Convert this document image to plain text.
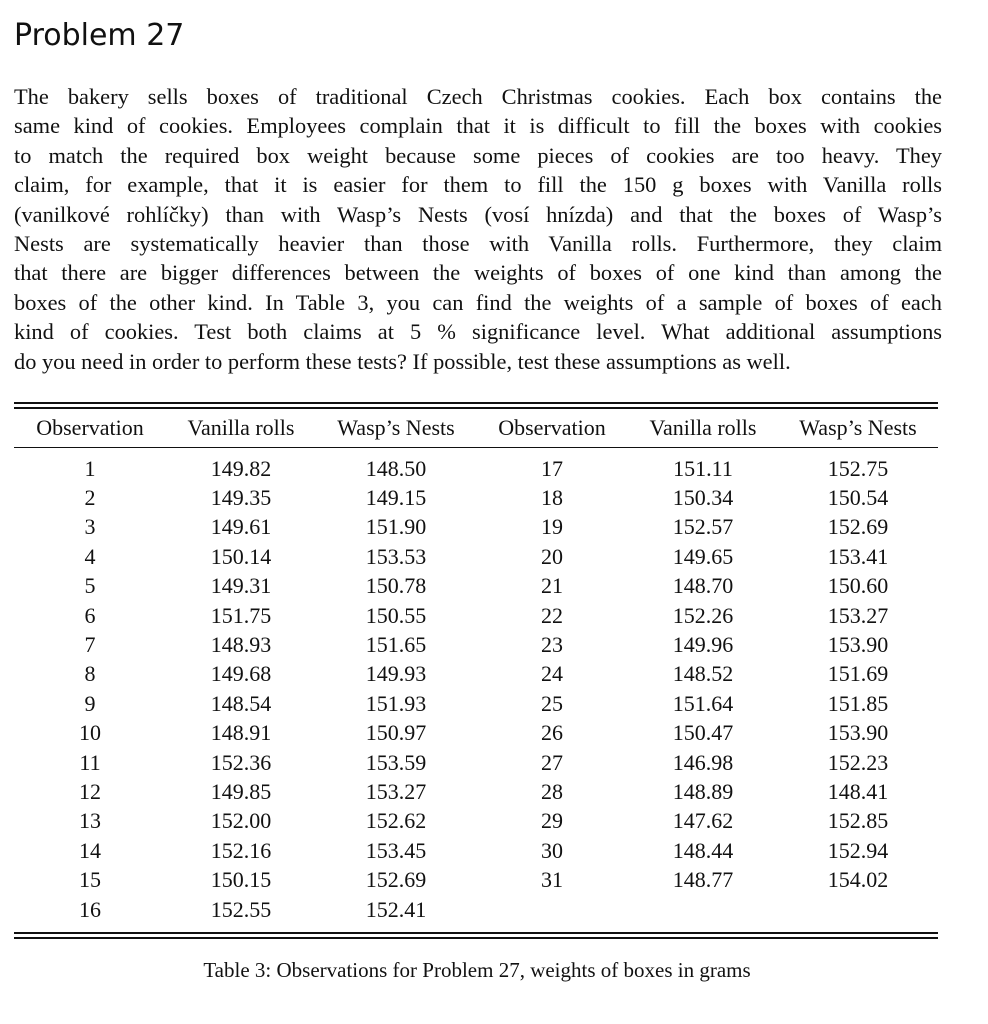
Problem 27
The bakery sells boxes of traditional Czech Christmas cookies. Each box contains the
same kind of cookies. Employees complain that it is difficult to fill the boxes with cookies
to match the required box weight because some pieces of cookies are too heavy. They
claim, for example, that it is easier for them to fill the 150 g boxes with Vanilla rolls
(vanilkové rohlíčky) than with Wasp’s Nests (vosí hnízda) and that the boxes of Wasp’s
Nests are systematically heavier than those with Vanilla rolls. Furthermore, they claim
that there are bigger differences between the weights of boxes of one kind than among the
boxes of the other kind. In Table 3, you can find the weights of a sample of boxes of each
kind of cookies. Test both claims at 5 % significance level. What additional assumptions
do you need in order to perform these tests? If possible, test these assumptions as well.
Observation	Vanilla rolls	Wasp’s Nests	Observation	Vanilla rolls	Wasp’s Nests

1	149.82	148.50	17	151.11	152.75
2	149.35	149.15	18	150.34	150.54
3	149.61	151.90	19	152.57	152.69
4	150.14	153.53	20	149.65	153.41
5	149.31	150.78	21	148.70	150.60
6	151.75	150.55	22	152.26	153.27
7	148.93	151.65	23	149.96	153.90
8	149.68	149.93	24	148.52	151.69
9	148.54	151.93	25	151.64	151.85
10	148.91	150.97	26	150.47	153.90
11	152.36	153.59	27	146.98	152.23
12	149.85	153.27	28	148.89	148.41
13	152.00	152.62	29	147.62	152.85
14	152.16	153.45	30	148.44	152.94
15	150.15	152.69	31	148.77	154.02
16	152.55	152.41			

Table 3: Observations for Problem 27, weights of boxes in grams
